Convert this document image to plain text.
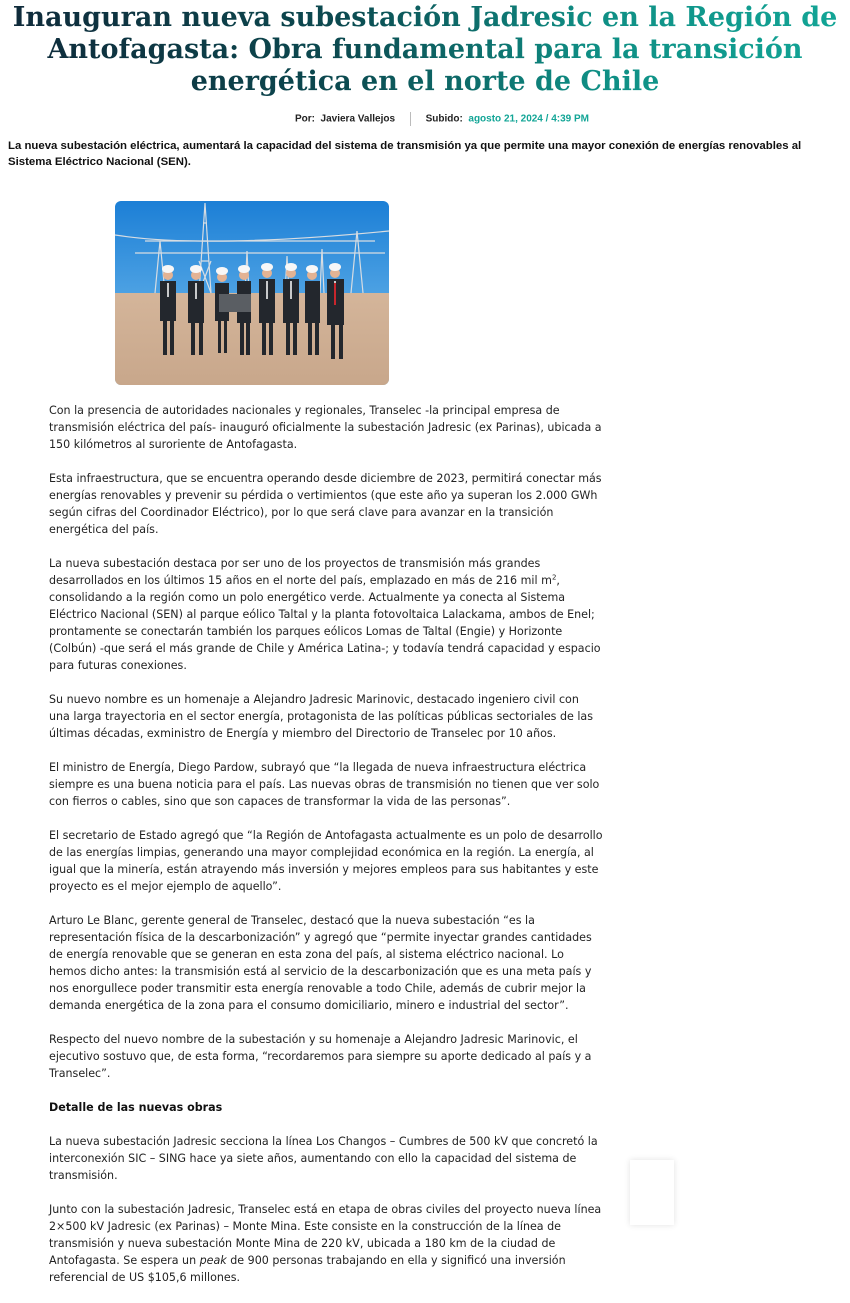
Inauguran nueva subestación Jadresic en la Región de Antofagasta: Obra fundamental para la transición energética en el norte de Chile
Por: Javiera Vallejos	Subido: agosto 21, 2024 / 4:39 PM

La nueva subestación eléctrica, aumentará la capacidad del sistema de transmisión ya que permite una mayor conexión de energías renovables al Sistema Eléctrico Nacional (SEN).

Con la presencia de autoridades nacionales y regionales, Transelec -la principal empresa de transmisión eléctrica del país- inauguró oficialmente la subestación Jadresic (ex Parinas), ubicada a 150 kilómetros al suroriente de Antofagasta.

Esta infraestructura, que se encuentra operando desde diciembre de 2023, permitirá conectar más energías renovables y prevenir su pérdida o vertimientos (que este año ya superan los 2.000 GWh según cifras del Coordinador Eléctrico), por lo que será clave para avanzar en la transición energética del país.

La nueva subestación destaca por ser uno de los proyectos de transmisión más grandes desarrollados en los últimos 15 años en el norte del país, emplazado en más de 216 mil $m^2$, consolidando a la región como un polo energético verde. Actualmente ya conecta al Sistema Eléctrico Nacional (SEN) al parque eólico Taltal y la planta fotovoltaica Lalackama, ambos de Enel; prontamente se conectarán también los parques eólicos Lomas de Taltal (Engie) y Horizonte (Colbún) -que será el más grande de Chile y América Latina-; y todavía tendrá capacidad y espacio para futuras conexiones.

Su nuevo nombre es un homenaje a Alejandro Jadresic Marinovic, destacado ingeniero civil con una larga trayectoria en el sector energía, protagonista de las políticas públicas sectoriales de las últimas décadas, exministro de Energía y miembro del Directorio de Transelec por 10 años.

El ministro de Energía, Diego Pardow, subrayó que “la llegada de nueva infraestructura eléctrica siempre es una buena noticia para el país. Las nuevas obras de transmisión no tienen que ver solo con fierros o cables, sino que son capaces de transformar la vida de las personas”.

El secretario de Estado agregó que “la Región de Antofagasta actualmente es un polo de desarrollo de las energías limpias, generando una mayor complejidad económica en la región. La energía, al igual que la minería, están atrayendo más inversión y mejores empleos para sus habitantes y este proyecto es el mejor ejemplo de aquello”.

Arturo Le Blanc, gerente general de Transelec, destacó que la nueva subestación “es la representación física de la descarbonización” y agregó que “permite inyectar grandes cantidades de energía renovable que se generan en esta zona del país, al sistema eléctrico nacional. Lo hemos dicho antes: la transmisión está al servicio de la descarbonización que es una meta país y nos enorgullece poder transmitir esta energía renovable a todo Chile, además de cubrir mejor la demanda energética de la zona para el consumo domiciliario, minero e industrial del sector”.

Respecto del nuevo nombre de la subestación y su homenaje a Alejandro Jadresic Marinovic, el ejecutivo sostuvo que, de esta forma, “recordaremos para siempre su aporte dedicado al país y a Transelec”.

Detalle de las nuevas obras

La nueva subestación Jadresic secciona la línea Los Changos – Cumbres de 500 kV que concretó la interconexión SIC – SING hace ya siete años, aumentando con ello la capacidad del sistema de transmisión.

Junto con la subestación Jadresic, Transelec está en etapa de obras civiles del proyecto nueva línea 2×500 kV Jadresic (ex Parinas) – Monte Mina. Este consiste en la construcción de la línea de transmisión y nueva subestación Monte Mina de 220 kV, ubicada a 180 km de la ciudad de Antofagasta. Se espera un peak de 900 personas trabajando en ella y significó una inversión referencial de US $105,6 millones.
